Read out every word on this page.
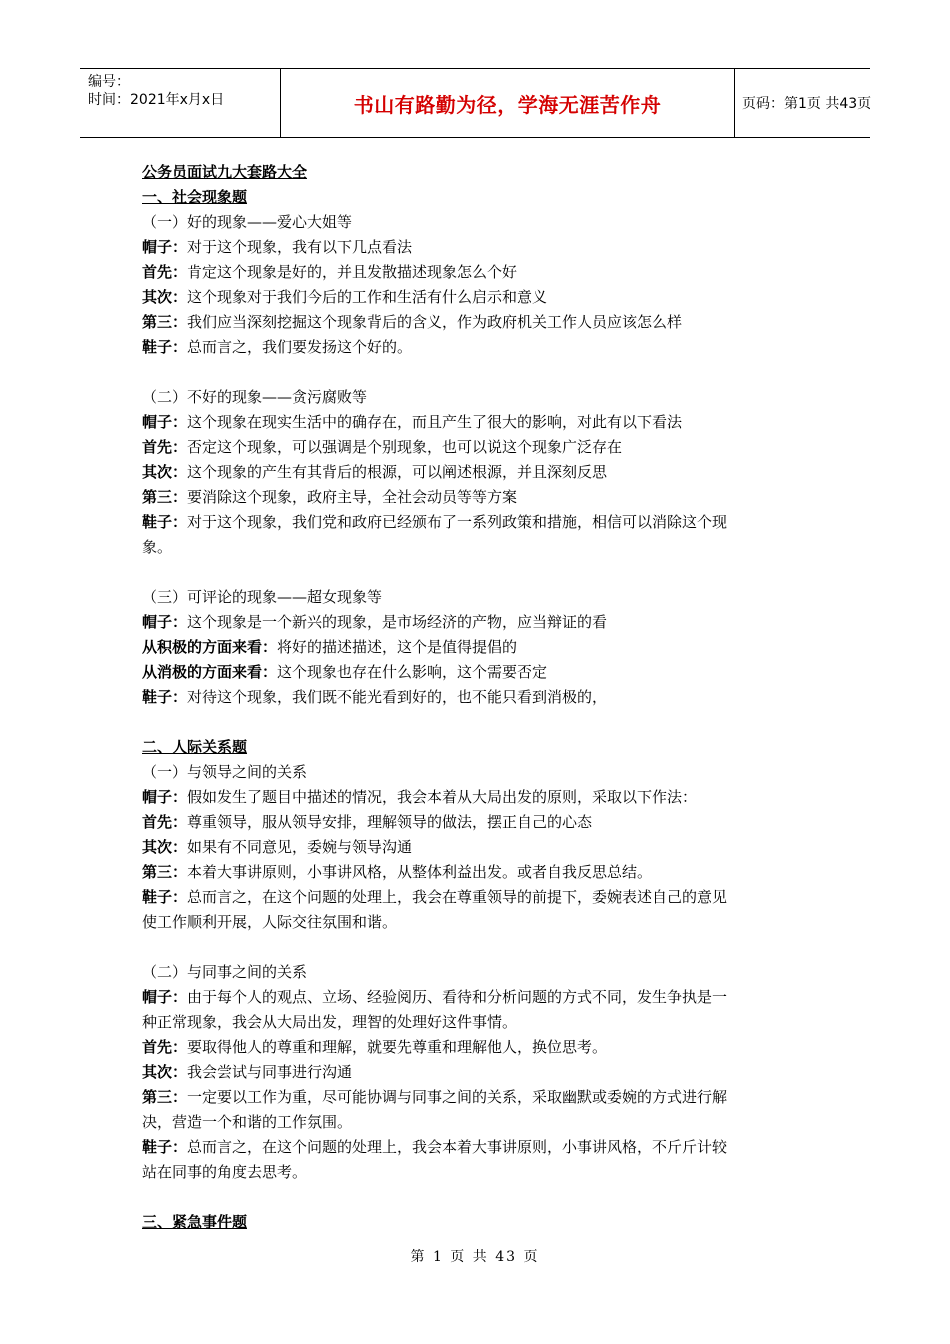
编号：
时间：2021年x月x日	书山有路勤为径，学海无涯苦作舟	页码：第1页 共43页

公务员面试九大套路大全

一、社会现象题

（一）好的现象——爱心大姐等

帽子：对于这个现象，我有以下几点看法

首先：肯定这个现象是好的，并且发散描述现象怎么个好

其次：这个现象对于我们今后的工作和生活有什么启示和意义

第三：我们应当深刻挖掘这个现象背后的含义，作为政府机关工作人员应该怎么样

鞋子：总而言之，我们要发扬这个好的。

（二）不好的现象——贪污腐败等

帽子：这个现象在现实生活中的确存在，而且产生了很大的影响，对此有以下看法

首先：否定这个现象，可以强调是个别现象，也可以说这个现象广泛存在

其次：这个现象的产生有其背后的根源，可以阐述根源，并且深刻反思

第三：要消除这个现象，政府主导，全社会动员等等方案

鞋子：对于这个现象，我们党和政府已经颁布了一系列政策和措施，相信可以消除这个现

象。

（三）可评论的现象——超女现象等

帽子：这个现象是一个新兴的现象，是市场经济的产物，应当辩证的看

从积极的方面来看：将好的描述描述，这个是值得提倡的

从消极的方面来看：这个现象也存在什么影响，这个需要否定

鞋子：对待这个现象，我们既不能光看到好的，也不能只看到消极的，

二、人际关系题

（一）与领导之间的关系

帽子：假如发生了题目中描述的情况，我会本着从大局出发的原则，采取以下作法：

首先：尊重领导，服从领导安排，理解领导的做法，摆正自己的心态

其次：如果有不同意见，委婉与领导沟通

第三：本着大事讲原则，小事讲风格，从整体利益出发。或者自我反思总结。

鞋子：总而言之，在这个问题的处理上，我会在尊重领导的前提下，委婉表述自己的意见

使工作顺利开展，人际交往氛围和谐。

（二）与同事之间的关系

帽子：由于每个人的观点、立场、经验阅历、看待和分析问题的方式不同，发生争执是一

种正常现象，我会从大局出发，理智的处理好这件事情。

首先：要取得他人的尊重和理解，就要先尊重和理解他人，换位思考。

其次：我会尝试与同事进行沟通

第三：一定要以工作为重，尽可能协调与同事之间的关系，采取幽默或委婉的方式进行解

决，营造一个和谐的工作氛围。

鞋子：总而言之，在这个问题的处理上，我会本着大事讲原则，小事讲风格，不斤斤计较

站在同事的角度去思考。

三、紧急事件题

第 1 页 共 43 页
